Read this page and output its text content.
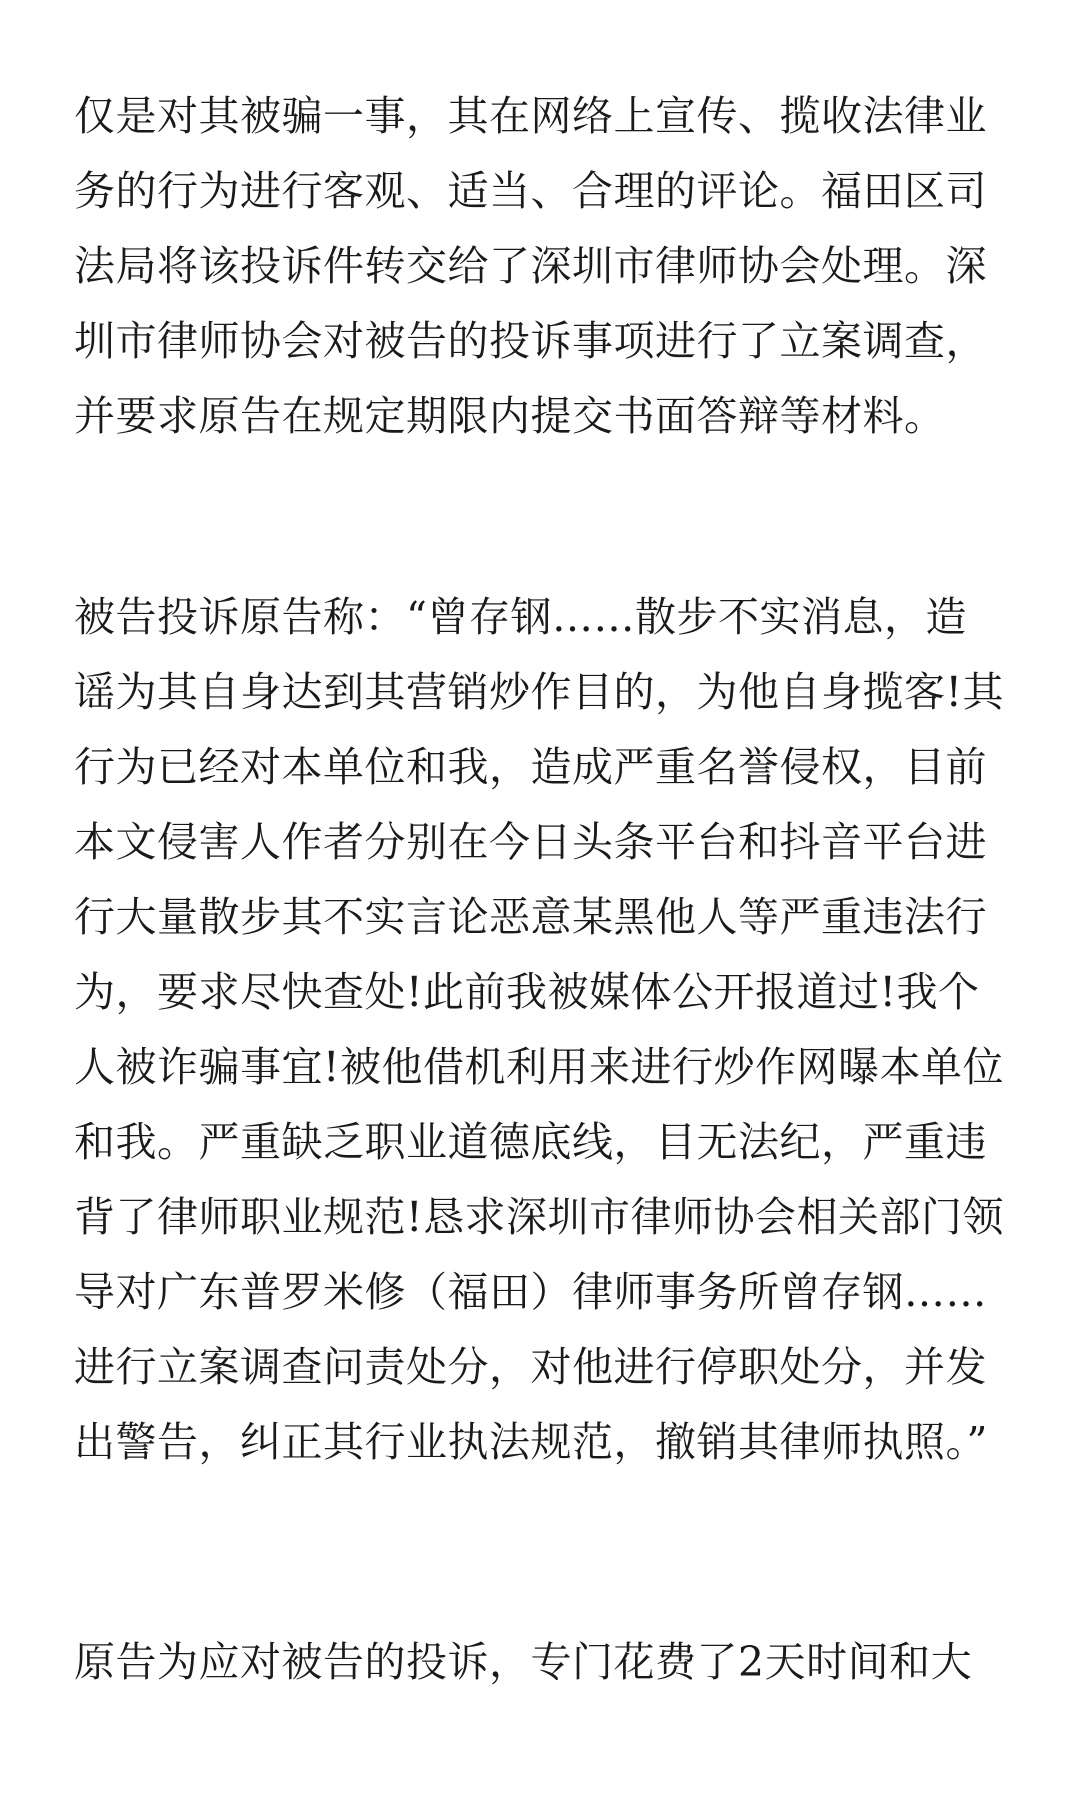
仅是对其被骗一事，其在网络上宣传、揽收法律业
务的行为进行客观、适当、合理的评论。福田区司
法局将该投诉件转交给了深圳市律师协会处理。深
圳市律师协会对被告的投诉事项进行了立案调查，
并要求原告在规定期限内提交书面答辩等材料。

被告投诉原告称：“曾存钢……散步不实消息，造
谣为其自身达到其营销炒作目的，为他自身揽客!其
行为已经对本单位和我，造成严重名誉侵权，目前
本文侵害人作者分别在今日头条平台和抖音平台进
行大量散步其不实言论恶意某黑他人等严重违法行
为，要求尽快查处!此前我被媒体公开报道过!我个
人被诈骗事宜!被他借机利用来进行炒作网曝本单位
和我。严重缺乏职业道德底线，目无法纪，严重违
背了律师职业规范!恳求深圳市律师协会相关部门领
导对广东普罗米修（福田）律师事务所曾存钢……
进行立案调查问责处分，对他进行停职处分，并发
出警告，纠正其行业执法规范，撤销其律师执照。”

原告为应对被告的投诉，专门花费了2天时间和大
